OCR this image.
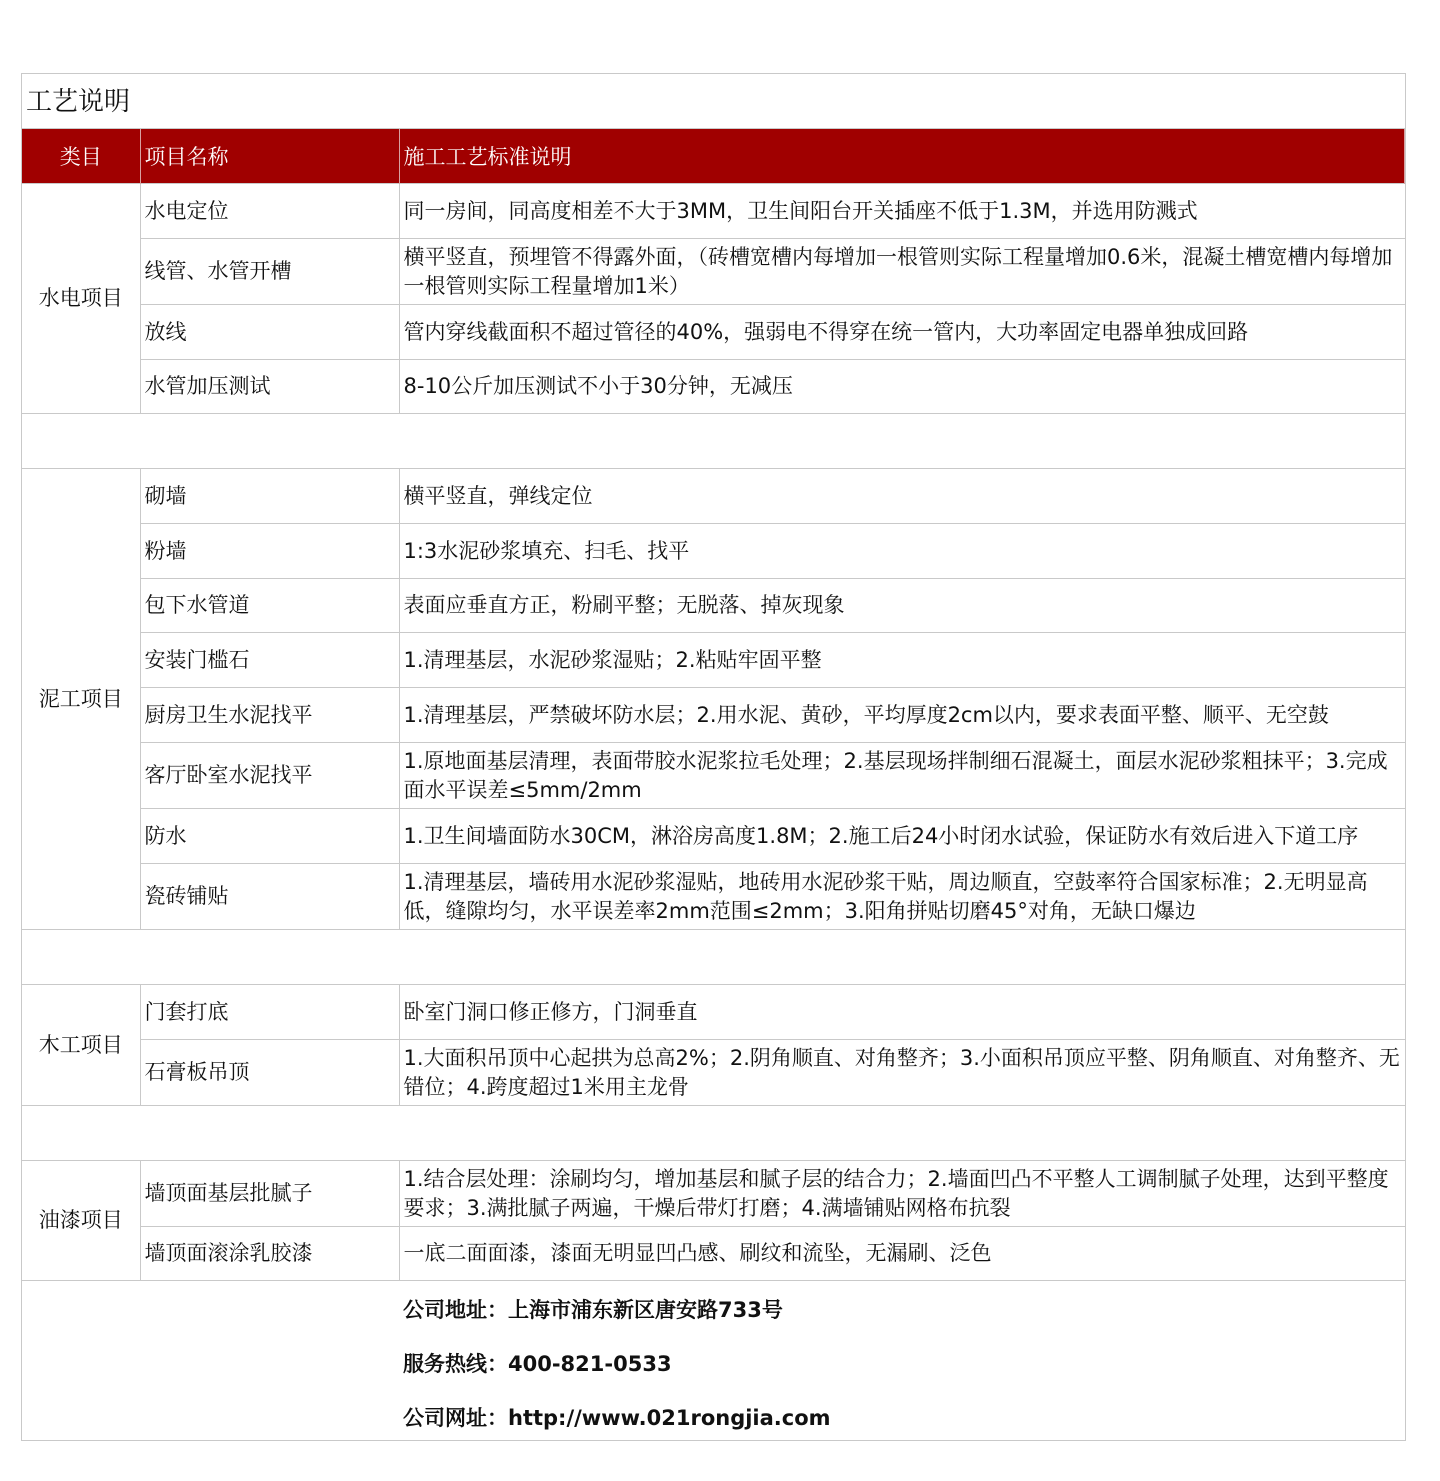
工艺说明
类目	项目名称	施工工艺标准说明
水电项目	水电定位	同一房间，同高度相差不大于3MM，卫生间阳台开关插座不低于1.3M，并选用防溅式
	线管、水管开槽	横平竖直，预埋管不得露外面，（砖槽宽槽内每增加一根管则实际工程量增加0.6米，混凝土槽宽槽内每增加一根管则实际工程量增加1米）
	放线	管内穿线截面积不超过管径的40%，强弱电不得穿在统一管内，大功率固定电器单独成回路
	水管加压测试	8-10公斤加压测试不小于30分钟，无减压

泥工项目	砌墙	横平竖直，弹线定位
	粉墙	1:3水泥砂浆填充、扫毛、找平
	包下水管道	表面应垂直方正，粉刷平整；无脱落、掉灰现象
	安装门槛石	1.清理基层，水泥砂浆湿贴；2.粘贴牢固平整
	厨房卫生水泥找平	1.清理基层，严禁破坏防水层；2.用水泥、黄砂，平均厚度2cm以内，要求表面平整、顺平、无空鼓
	客厅卧室水泥找平	1.原地面基层清理，表面带胶水泥浆拉毛处理；2.基层现场拌制细石混凝土，面层水泥砂浆粗抹平；3.完成面水平误差≤5mm/2mm
	防水	1.卫生间墙面防水30CM，淋浴房高度1.8M；2.施工后24小时闭水试验，保证防水有效后进入下道工序
	瓷砖铺贴	1.清理基层，墙砖用水泥砂浆湿贴，地砖用水泥砂浆干贴，周边顺直，空鼓率符合国家标准；2.无明显高低，缝隙均匀，水平误差率2mm范围≤2mm；3.阳角拼贴切磨45°对角，无缺口爆边

木工项目	门套打底	卧室门洞口修正修方，门洞垂直
	石膏板吊顶	1.大面积吊顶中心起拱为总高2%；2.阴角顺直、对角整齐；3.小面积吊顶应平整、阴角顺直、对角整齐、无错位；4.跨度超过1米用主龙骨

油漆项目	墙顶面基层批腻子	1.结合层处理：涂刷均匀，增加基层和腻子层的结合力；2.墙面凹凸不平整人工调制腻子处理，达到平整度要求；3.满批腻子两遍，干燥后带灯打磨；4.满墙铺贴网格布抗裂
	墙顶面滚涂乳胶漆	一底二面面漆，漆面无明显凹凸感、刷纹和流坠，无漏刷、泛色

		公司地址：上海市浦东新区唐安路733号
服务热线：400-821-0533
公司网址：http://www.021rongjia.com
